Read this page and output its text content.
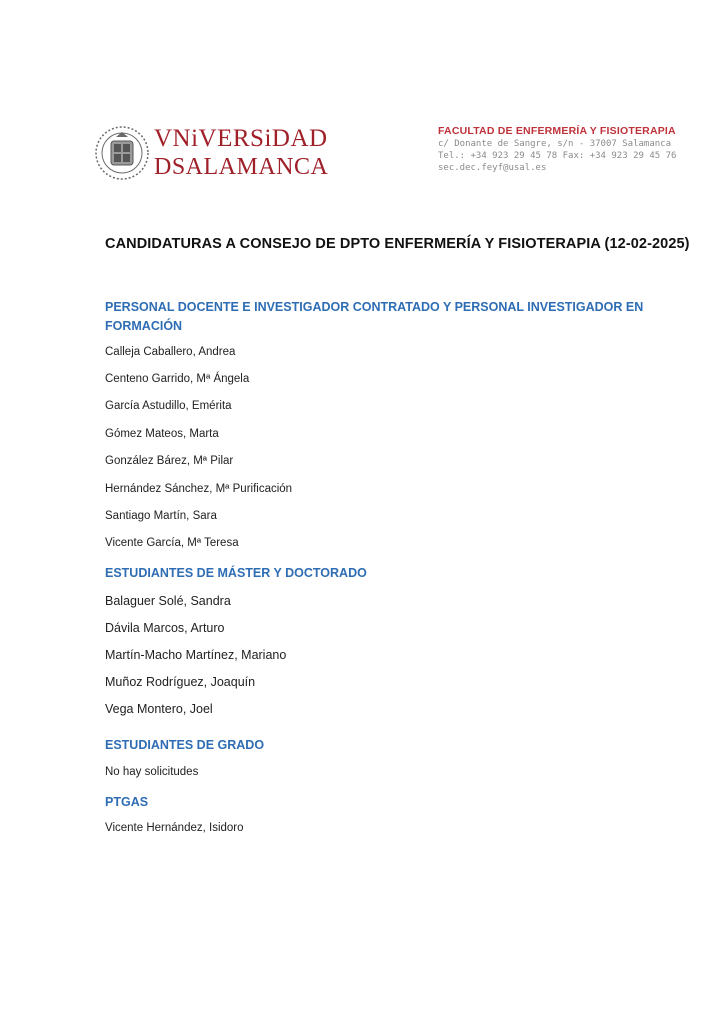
VNiVERSiDAD
DSALAMANCA
FACULTAD DE ENFERMERÍA Y FISIOTERAPIA
c/ Donante de Sangre, s/n - 37007 Salamanca
Tel.: +34 923 29 45 78 Fax: +34 923 29 45 76
sec.dec.feyf@usal.es
CANDIDATURAS A CONSEJO DE DPTO ENFERMERÍA Y FISIOTERAPIA (12-02-2025)
PERSONAL DOCENTE E INVESTIGADOR CONTRATADO Y PERSONAL INVESTIGADOR EN FORMACIÓN
Calleja Caballero, Andrea
Centeno Garrido, Mª Ángela
García Astudillo, Emérita
Gómez Mateos, Marta
González Bárez, Mª Pilar
Hernández Sánchez, Mª Purificación
Santiago Martín, Sara
Vicente García, Mª Teresa
ESTUDIANTES DE MÁSTER Y DOCTORADO
Balaguer Solé, Sandra
Dávila Marcos, Arturo
Martín-Macho Martínez, Mariano
Muñoz Rodríguez, Joaquín
Vega Montero, Joel
ESTUDIANTES DE GRADO
No hay solicitudes
PTGAS
Vicente Hernández, Isidoro
